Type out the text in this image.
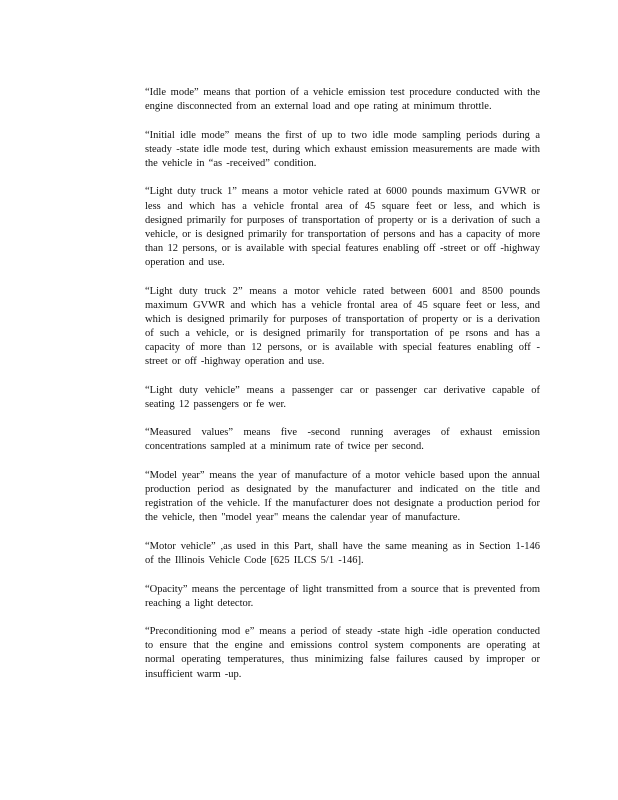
“Idle mode” means that portion of a vehicle emission test procedure conducted with the engine disconnected from an external load and ope rating at minimum throttle.

“Initial idle mode” means the first of up to two idle mode sampling periods during a steady -state idle mode test, during which exhaust emission measurements are made with the vehicle in “as -received” condition.

“Light duty truck 1” means a motor vehicle rated at 6000 pounds maximum GVWR or less and which has a vehicle frontal area of 45 square feet or less, and which is designed primarily for purposes of transportation of property or is a derivation of such a vehicle, or is designed primarily for transportation of persons and has a capacity of more than 12 persons, or is available with special features enabling off -street or off -highway operation and use.

“Light duty truck 2” means a motor vehicle rated between 6001 and 8500 pounds maximum GVWR and which has a vehicle frontal area of 45 square feet or less, and which is designed primarily for purposes of transportation of property or is a derivation of such a vehicle, or is designed primarily for transportation of pe rsons and has a capacity of more than 12 persons, or is available with special features enabling off -street or off -highway operation and use.

“Light duty vehicle” means a passenger car or passenger car derivative capable of seating 12 passengers or fe wer.

“Measured values” means five -second running averages of exhaust emission concentrations sampled at a minimum rate of twice per second.

“Model year” means the year of manufacture of a motor vehicle based upon the annual production period as designated by the manufacturer and indicated on the title and registration of the vehicle. If the manufacturer does not designate a production period for the vehicle, then "model year" means the calendar year of manufacture.

“Motor vehicle” ,as used in this Part, shall have the same meaning as in Section 1-146 of the Illinois Vehicle Code [625 ILCS 5/1 -146].

“Opacity” means the percentage of light transmitted from a source that is prevented from reaching a light detector.

“Preconditioning mod e” means a period of steady -state high -idle operation conducted to ensure that the engine and emissions control system components are operating at normal operating temperatures, thus minimizing false failures caused by improper or insufficient warm -up.
